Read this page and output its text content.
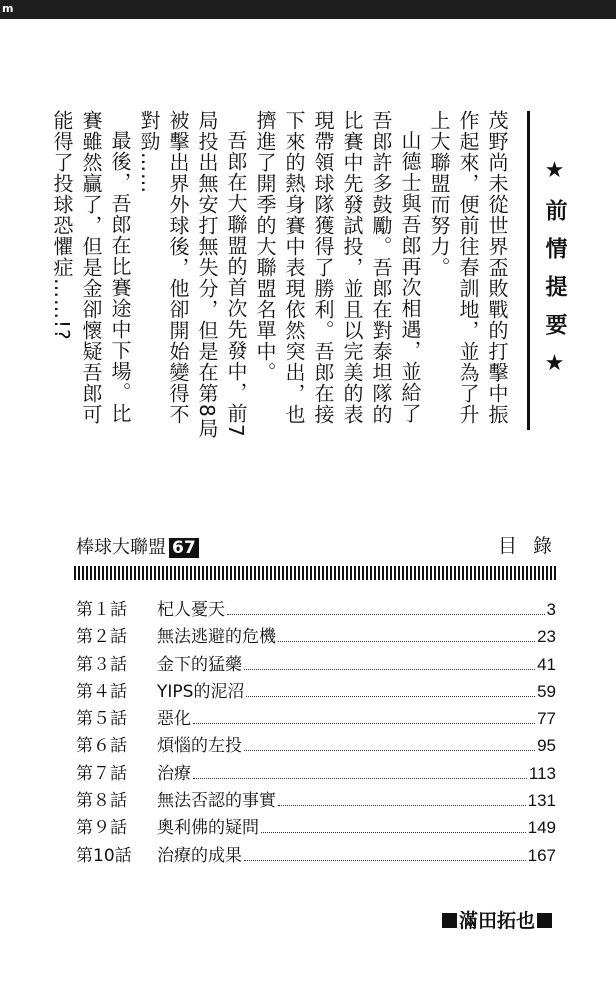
m

茂野尚未從世界盃敗戰的打擊中振作起來，便前往春訓地，並為了升上大聯盟而努力。

山德士與吾郎再次相遇，並給了吾郎許多鼓勵。吾郎在對泰坦隊的比賽中先發試投，並且以完美的表現帶領球隊獲得了勝利。吾郎在接下來的熱身賽中表現依然突出，也擠進了開季的大聯盟名單中。

吾郎在大聯盟的首次先發中，前7局投出無安打無失分，但是在第8局被擊出界外球後，他卻開始變得不對勁……

最後，吾郎在比賽途中下場。比賽雖然贏了，但是金卻懷疑吾郎可能得了投球恐懼症……!?	★前情提要★
棒球大聯盟 67	目錄
第１話	杞人憂天	3
第２話	無法逃避的危機	23
第３話	金下的猛藥	41
第４話	YIPS的泥沼	59
第５話	惡化	77
第６話	煩惱的左投	95
第７話	治療	113
第８話	無法否認的事實	131
第９話	奧利佛的疑問	149
第10話	治療的成果	167
滿田拓也
